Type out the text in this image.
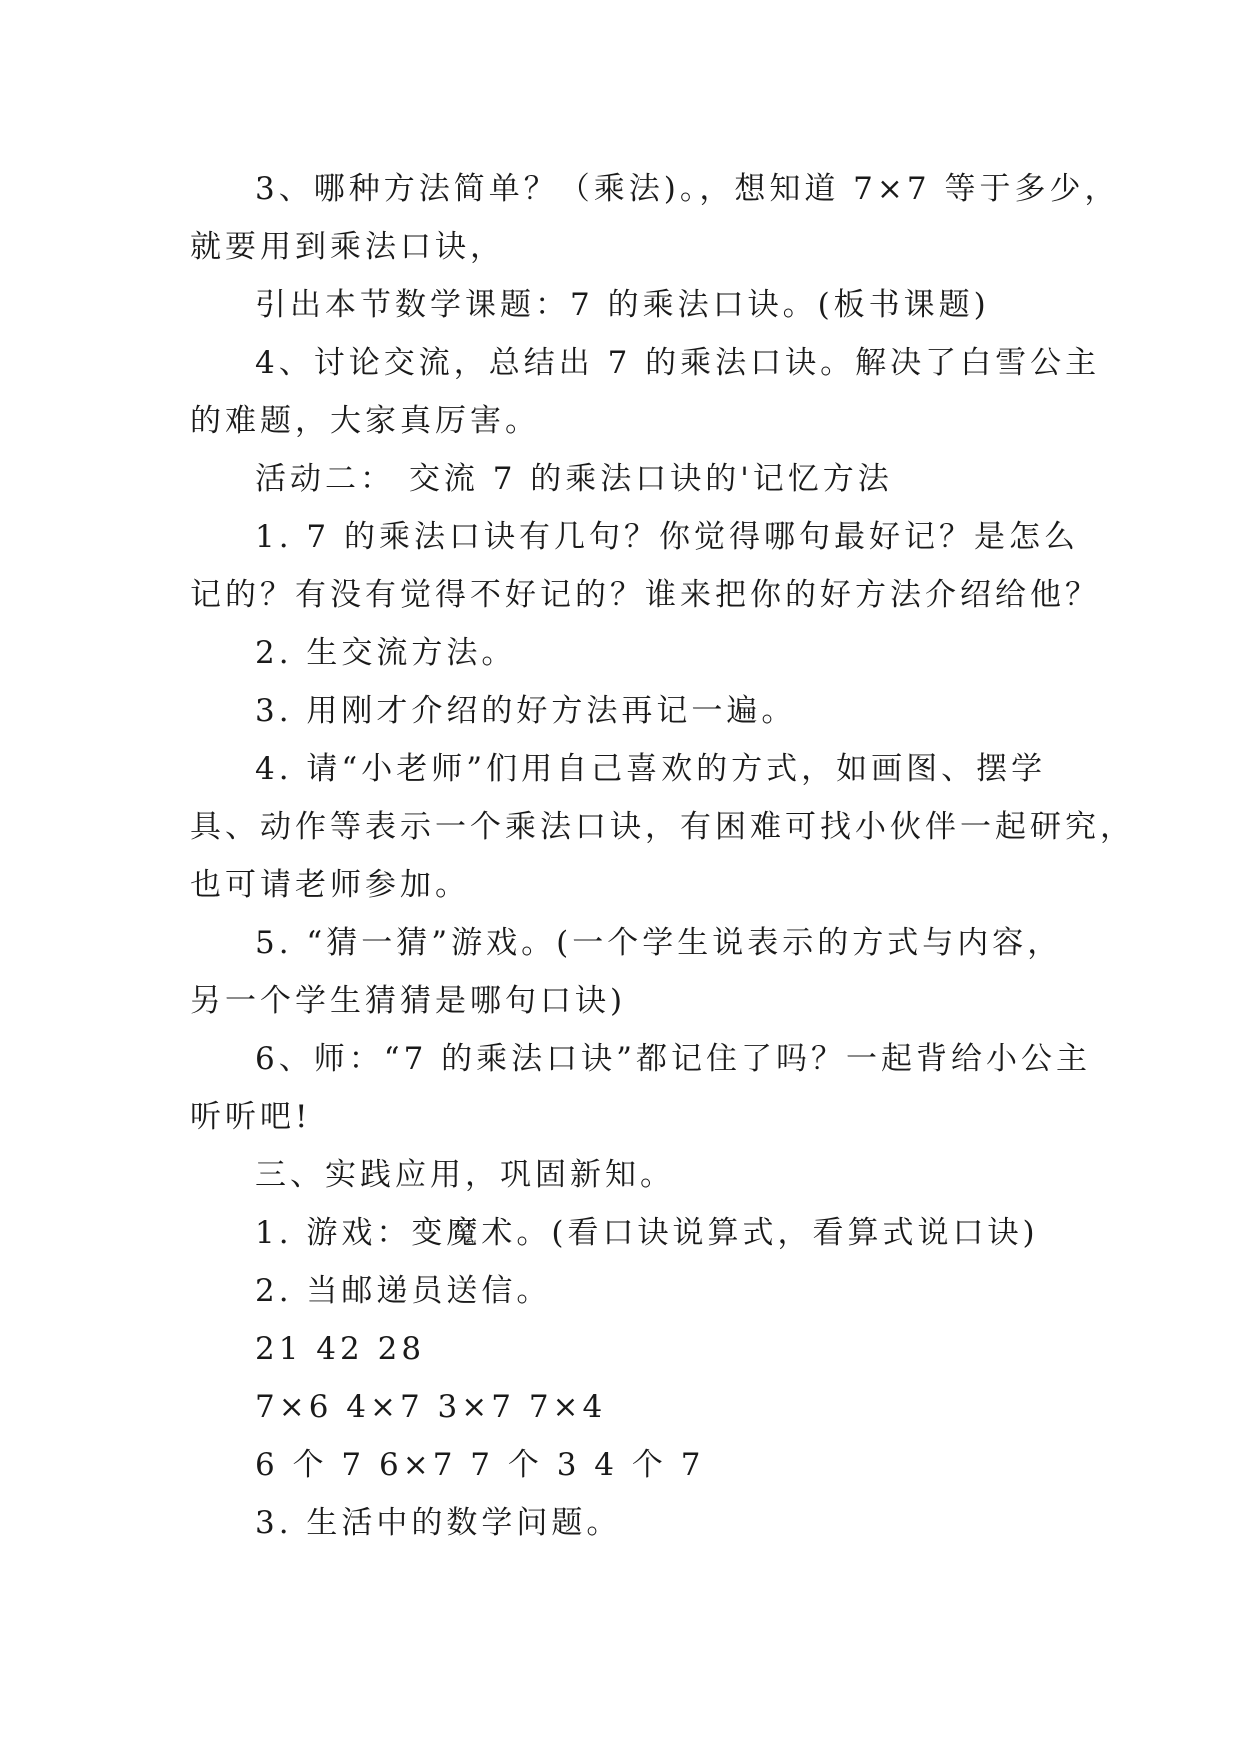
3、哪种方法简单？（乘法)。，想知道 7×7 等于多少，
就要用到乘法口诀，
引出本节数学课题：7 的乘法口诀。(板书课题)
4、讨论交流，总结出 7 的乘法口诀。解决了白雪公主
的难题，大家真厉害。
活动二： 交流 7 的乘法口诀的'记忆方法
1. 7 的乘法口诀有几句？你觉得哪句最好记？是怎么
记的？有没有觉得不好记的？谁来把你的好方法介绍给他？
2. 生交流方法。
3. 用刚才介绍的好方法再记一遍。
4. 请“小老师”们用自己喜欢的方式，如画图、摆学
具、动作等表示一个乘法口诀，有困难可找小伙伴一起研究，
也可请老师参加。
5. “猜一猜”游戏。(一个学生说表示的方式与内容，
另一个学生猜猜是哪句口诀)
6、师：“7 的乘法口诀”都记住了吗？一起背给小公主
听听吧!
三、实践应用，巩固新知。
1. 游戏：变魔术。(看口诀说算式，看算式说口诀)
2. 当邮递员送信。
21 42 28
7×6 4×7 3×7 7×4
6 个 7 6×7 7 个 3 4 个 7
3. 生活中的数学问题。
